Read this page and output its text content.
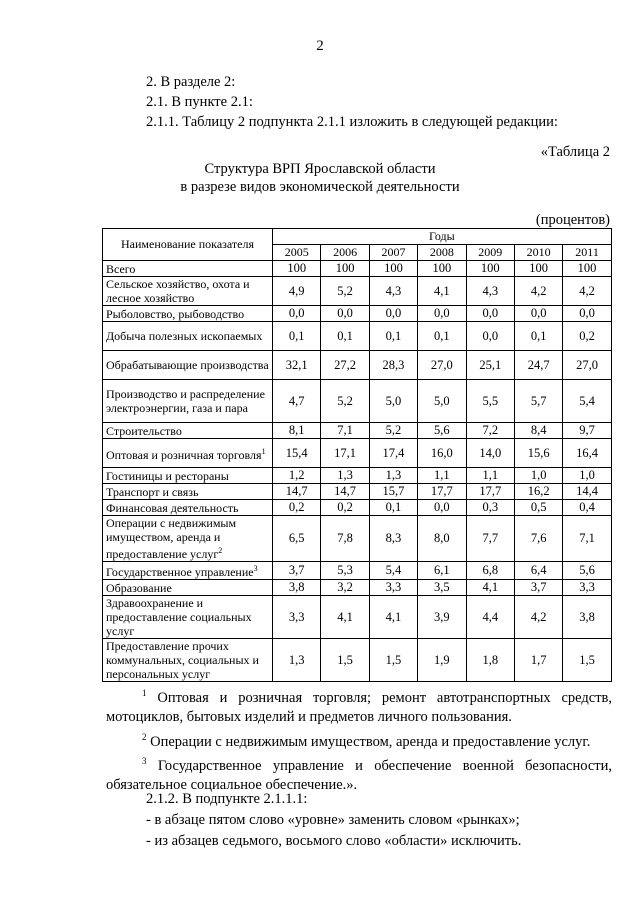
2
2. В разделе 2:
2.1. В пункте 2.1:
2.1.1. Таблицу 2 подпункта 2.1.1 изложить в следующей редакции:
«Таблица 2
Структура ВРП Ярославской области
в разрезе видов экономической деятельности
(процентов)
Наименование показателя	Годы						
	2005	2006	2007	2008	2009	2010	2011
Всего	100	100	100	100	100	100	100
Сельское хозяйство, охота и лесное хозяйство	4,9	5,2	4,3	4,1	4,3	4,2	4,2
Рыболовство, рыбоводство	0,0	0,0	0,0	0,0	0,0	0,0	0,0
Добыча полезных ископаемых	0,1	0,1	0,1	0,1	0,0	0,1	0,2
Обрабатывающие производства	32,1	27,2	28,3	27,0	25,1	24,7	27,0
Производство и распределение электроэнергии, газа и пара	4,7	5,2	5,0	5,0	5,5	5,7	5,4
Строительство	8,1	7,1	5,2	5,6	7,2	8,4	9,7
Оптовая и розничная торговля$^1$	15,4	17,1	17,4	16,0	14,0	15,6	16,4
Гостиницы и рестораны	1,2	1,3	1,3	1,1	1,1	1,0	1,0
Транспорт и связь	14,7	14,7	15,7	17,7	17,7	16,2	14,4
Финансовая деятельность	0,2	0,2	0,1	0,0	0,3	0,5	0,4
Операции с недвижимым имуществом, аренда и предоставление услуг$^2$	6,5	7,8	8,3	8,0	7,7	7,6	7,1
Государственное управление$^3$	3,7	5,3	5,4	6,1	6,8	6,4	5,6
Образование	3,8	3,2	3,3	3,5	4,1	3,7	3,3
Здравоохранение и предоставление социальных услуг	3,3	4,1	4,1	3,9	4,4	4,2	3,8
Предоставление прочих коммунальных, социальных и персональных услуг	1,3	1,5	1,5	1,9	1,8	1,7	1,5
$^1$ Оптовая и розничная торговля; ремонт автотранспортных средств, мотоциклов, бытовых изделий и предметов личного пользования.
$^2$ Операции с недвижимым имуществом, аренда и предоставление услуг.
$^3$ Государственное управление и обеспечение военной безопасности, обязательное социальное обеспечение.».
2.1.2. В подпункте 2.1.1.1:
- в абзаце пятом слово «уровне» заменить словом «рынках»;
- из абзацев седьмого, восьмого слово «области» исключить.
